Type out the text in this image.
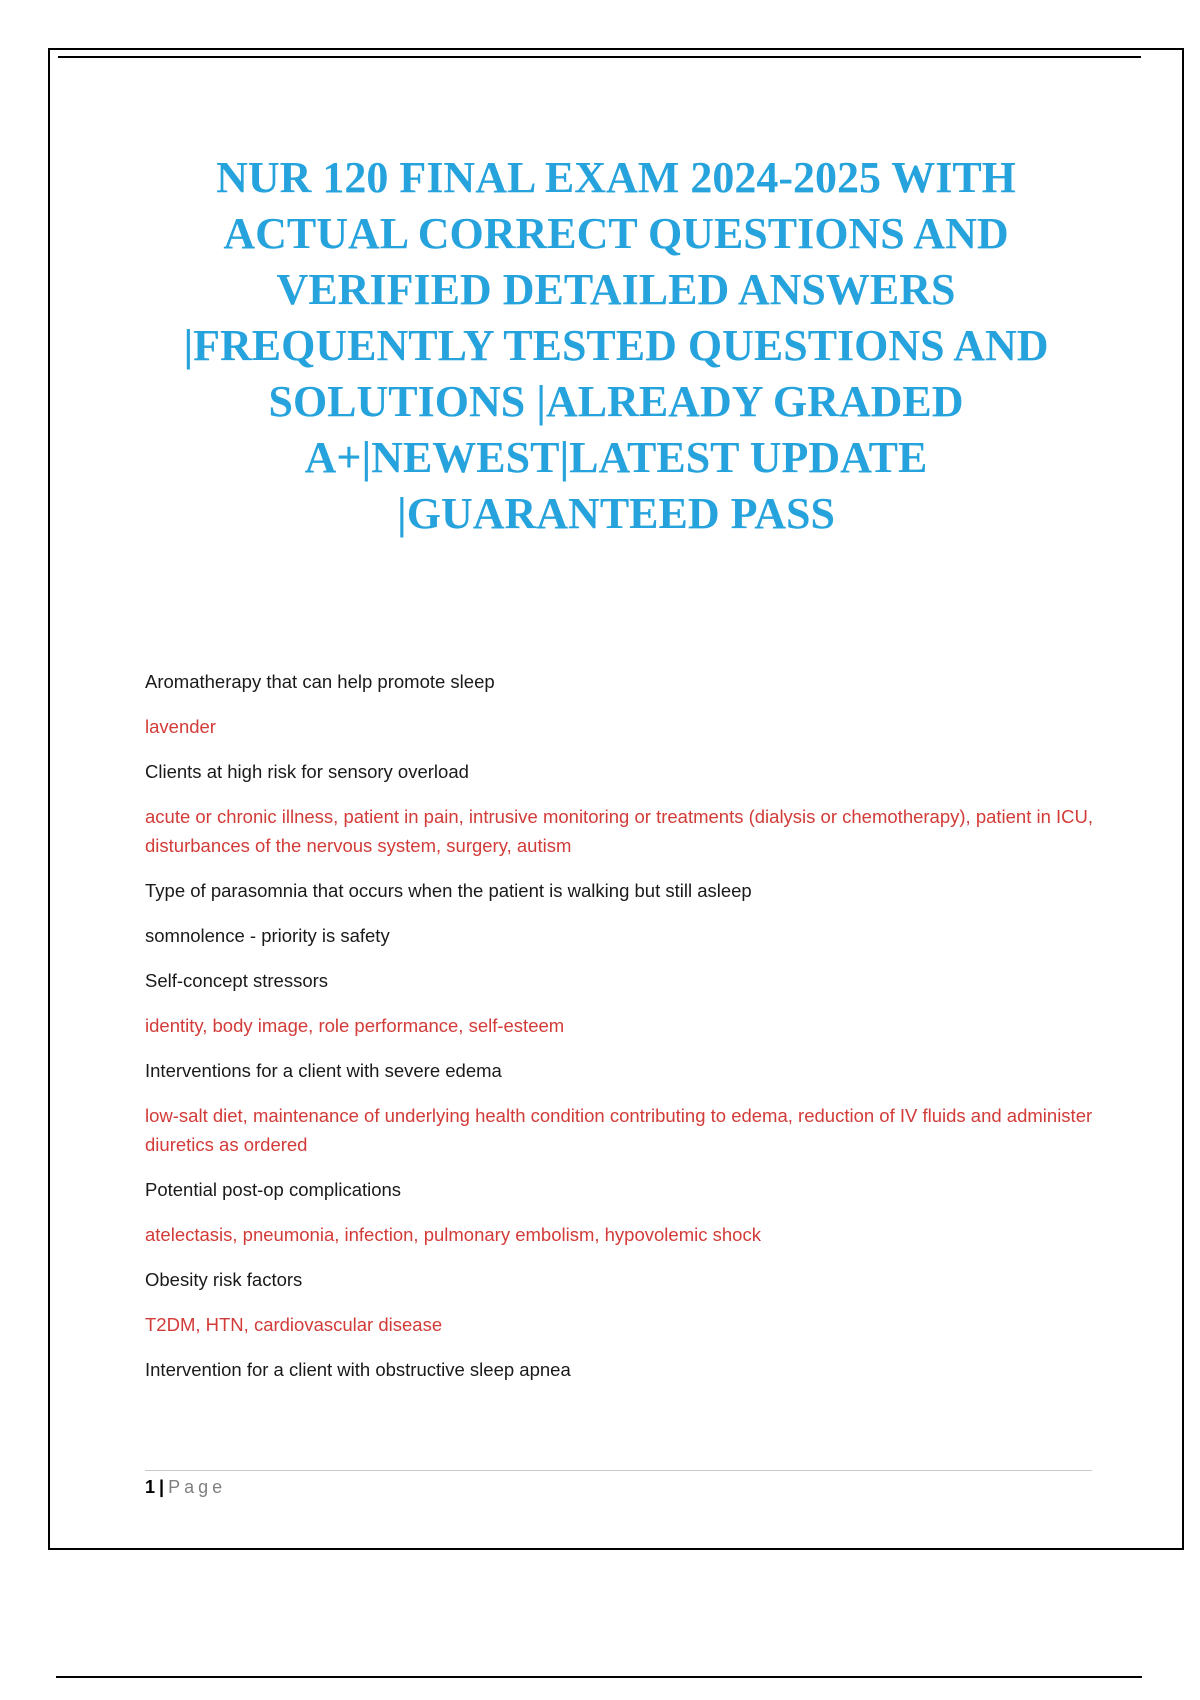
NUR 120 FINAL EXAM 2024-2025 WITH
ACTUAL CORRECT QUESTIONS AND
VERIFIED DETAILED ANSWERS
|FREQUENTLY TESTED QUESTIONS AND
SOLUTIONS |ALREADY GRADED
A+|NEWEST|LATEST UPDATE
|GUARANTEED PASS

Aromatherapy that can help promote sleep

lavender

Clients at high risk for sensory overload

acute or chronic illness, patient in pain, intrusive monitoring or treatments (dialysis or chemotherapy), patient in ICU, disturbances of the nervous system, surgery, autism

Type of parasomnia that occurs when the patient is walking but still asleep

somnolence - priority is safety

Self-concept stressors

identity, body image, role performance, self-esteem

Interventions for a client with severe edema

low-salt diet, maintenance of underlying health condition contributing to edema, reduction of IV fluids and administer diuretics as ordered

Potential post-op complications

atelectasis, pneumonia, infection, pulmonary embolism, hypovolemic shock

Obesity risk factors

T2DM, HTN, cardiovascular disease

Intervention for a client with obstructive sleep apnea

1 | Page
